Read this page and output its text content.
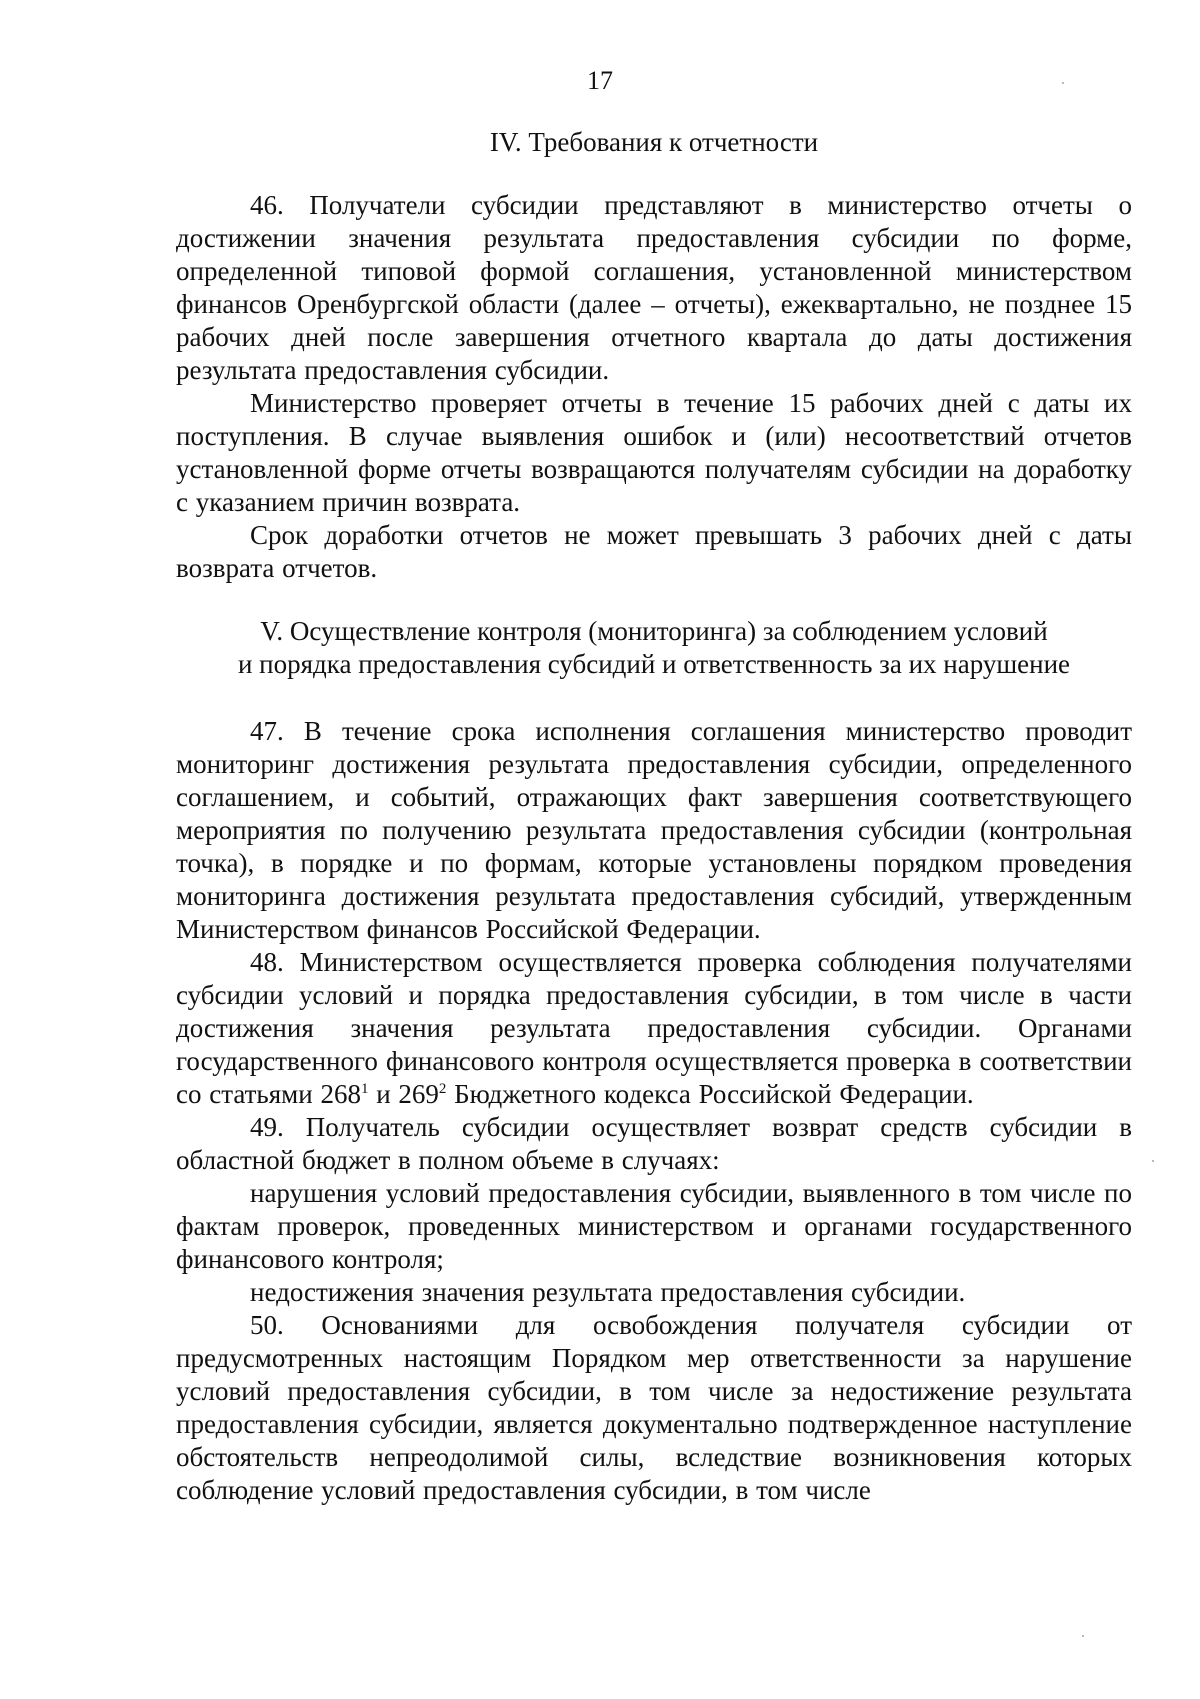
17
IV. Требования к отчетности

46. Получатели субсидии представляют в министерство отчеты о достижении значения результата предоставления субсидии по форме, определенной типовой формой соглашения, установленной министерством финансов Оренбургской области (далее – отчеты), ежеквартально, не позднее 15 рабочих дней после завершения отчетного квартала до даты достижения результата предоставления субсидии.

Министерство проверяет отчеты в течение 15 рабочих дней с даты их поступления. В случае выявления ошибок и (или) несоответствий отчетов установленной форме отчеты возвращаются получателям субсидии на доработку с указанием причин возврата.

Срок доработки отчетов не может превышать 3 рабочих дней с даты возврата отчетов.

V. Осуществление контроля (мониторинга) за соблюдением условий
и порядка предоставления субсидий и ответственность за их нарушение

47. В течение срока исполнения соглашения министерство проводит мониторинг достижения результата предоставления субсидии, определенного соглашением, и событий, отражающих факт завершения соответствующего мероприятия по получению результата предоставления субсидии (контрольная точка), в порядке и по формам, которые установлены порядком проведения мониторинга достижения результата предоставления субсидий, утвержденным Министерством финансов Российской Федерации.

48. Министерством осуществляется проверка соблюдения получателями субсидии условий и порядка предоставления субсидии, в том числе в части достижения значения результата предоставления субсидии. Органами государственного финансового контроля осуществляется проверка в соответствии со статьями $268^1$ и $269^2$ Бюджетного кодекса Российской Федерации.

49. Получатель субсидии осуществляет возврат средств субсидии в областной бюджет в полном объеме в случаях:

нарушения условий предоставления субсидии, выявленного в том числе по фактам проверок, проведенных министерством и органами государственного финансового контроля;

недостижения значения результата предоставления субсидии.

50. Основаниями для освобождения получателя субсидии от предусмотренных настоящим Порядком мер ответственности за нарушение условий предоставления субсидии, в том числе за недостижение результата предоставления субсидии, является документально подтвержденное наступление обстоятельств непреодолимой силы, вследствие возникновения которых соблюдение условий предоставления субсидии, в том числе
